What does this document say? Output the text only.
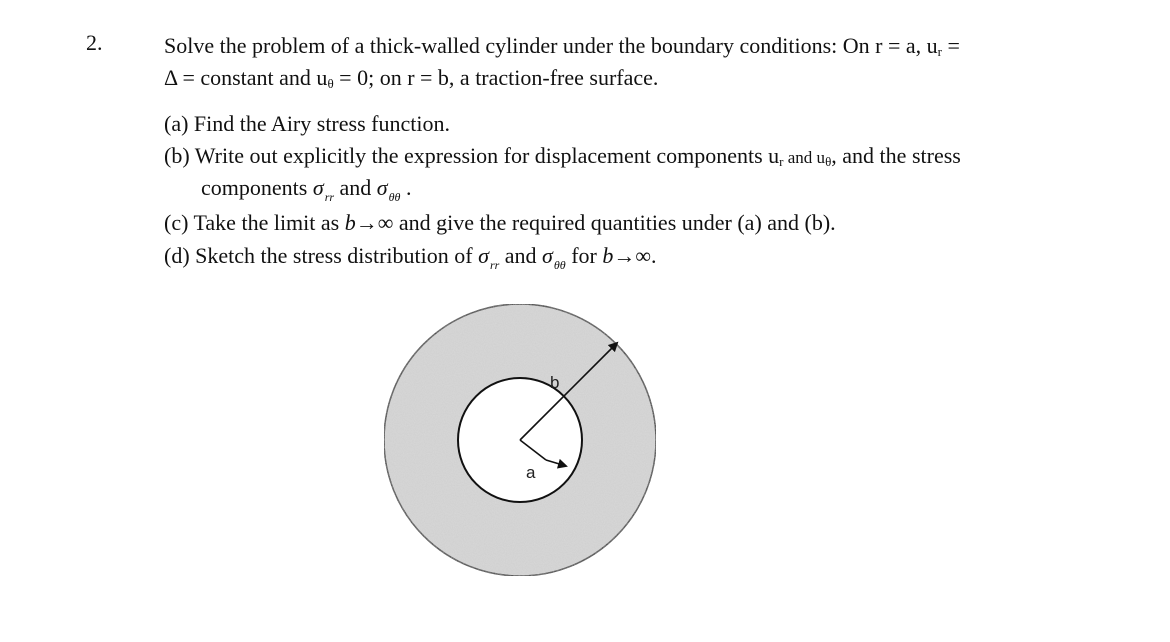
2.	Solve the problem of a thick-walled cylinder under the boundary conditions: On r = a, $u_r$ =
Δ = constant and $u_\theta = 0$; on r = b, a traction-free surface.
(a) Find the Airy stress function.
(b) Write out explicitly the expression for displacement components $u_r$ and $u_\theta$, and the stress
components $\sigma_{rr}$ and $\sigma_{\theta\theta}$ .
(c) Take the limit as b→∞ and give the required quantities under (a) and (b).
(d) Sketch the stress distribution of $\sigma_{rr}$ and $\sigma_{\theta\theta}$ for b→∞.
b
a
